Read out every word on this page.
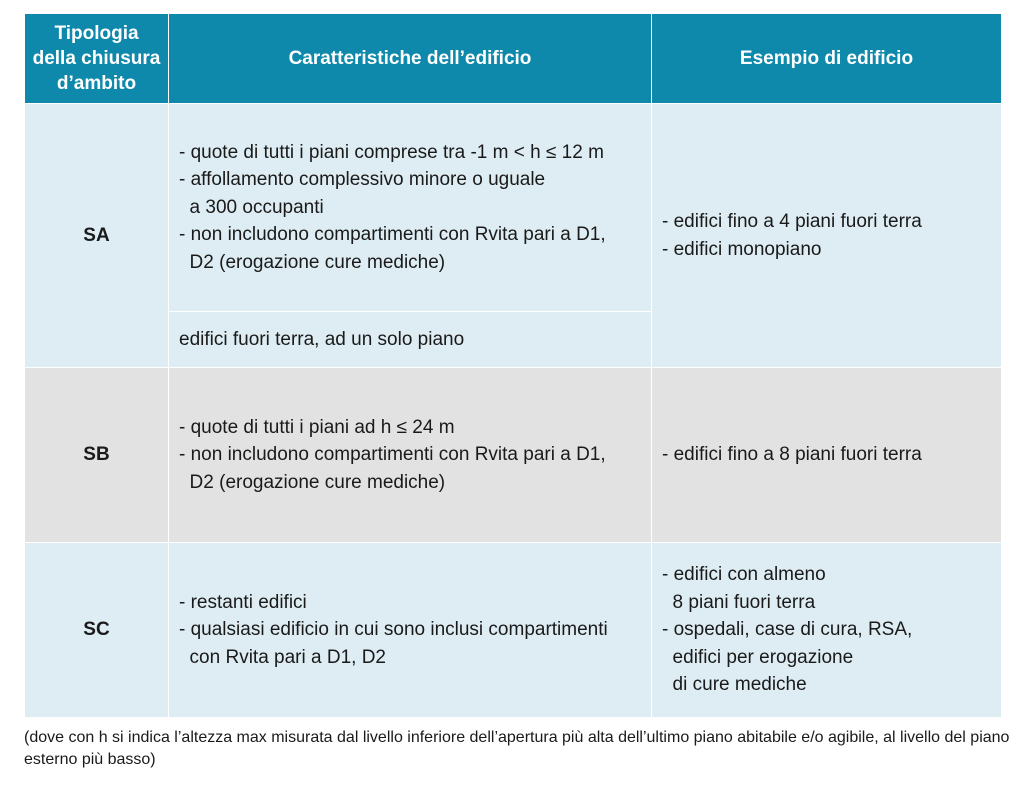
Tipologia
della chiusura
d’ambito	Caratteristiche dell’edificio	Esempio di edificio
SA	- quote di tutti i piani comprese tra -1 m < h ≤ 12 m
- affollamento complessivo minore o uguale
a 300 occupanti
- non includono compartimenti con Rvita pari a D1,
D2 (erogazione cure mediche)	- edifici fino a 4 piani fuori terra
- edifici monopiano

	edifici fuori terra, ad un solo piano	

SB	- quote di tutti i piani ad h ≤ 24 m
- non includono compartimenti con Rvita pari a D1,
D2 (erogazione cure mediche)	- edifici fino a 8 piani fuori terra

SC	- restanti edifici
- qualsiasi edificio in cui sono inclusi compartimenti
con Rvita pari a D1, D2	- edifici con almeno
8 piani fuori terra
- ospedali, case di cura, RSA,
edifici per erogazione
di cure mediche
(dove con h si indica l’altezza max misurata dal livello inferiore dell’apertura più alta dell’ultimo piano abitabile e/o agibile, al livello del piano esterno più basso)
